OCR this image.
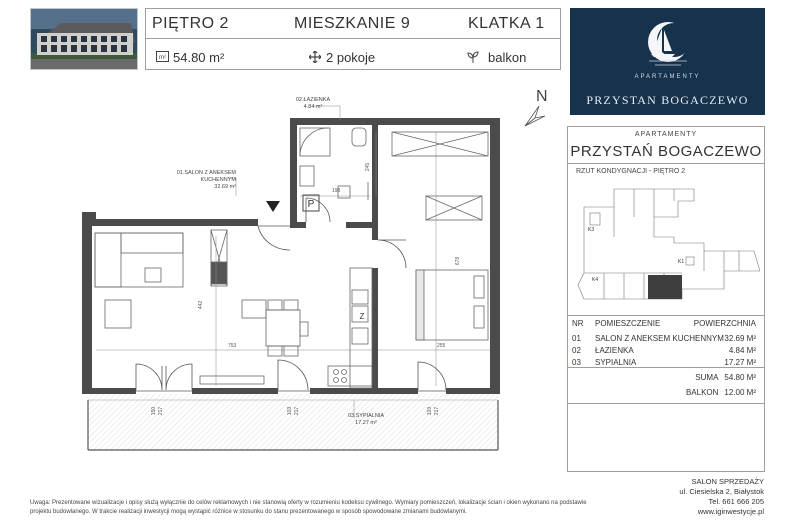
PIĘTRO 2	MIESZKANIE 9	KLATKA 1
m² 54.80 m²	2 pokoje	balkon
APARTAMENTY
PRZYSTAN BOGACZEWO
N
Z
P
02.ŁAZIENKA
4.84 m²
01.SALON Z ANEKSEM KUCHENNYM
32.69 m²
03.SYPIALNIA
17.27 m²
245
198
442
753
678
255
150 217	103 217	103 217
APARTAMENTY
PRZYSTAŃ BOGACZEWO
RZUT KONDYGNACJI - PIĘTRO 2
K3
K4
K1
NR POMIESZCZENIE	POWIERZCHNIA
01 SALON Z ANEKSEM KUCHENNYM 32.69 M²
02 ŁAZIENKA	4.84 M²
03 SYPIALNIA	17.27 M²
SUMA 54.80 M²
BALKON 12.00 M²
SALON SPRZEDAŻY
ul. Ciesielska 2, Białystok
Tel. 661 666 205
www.iginwestycje.pl
Uwaga: Prezentowane wizualizacje i opisy służą wyłącznie do celów reklamowych i nie stanowią oferty w rozumieniu kodeksu cywilnego. Wymiary pomieszczeń, lokalizacje ścian i okien wykonano na podstawie projektu budowlanego. W trakcie realizacji inwestycji mogą wystąpić różnice w stosunku do stanu prezentowanego w sposób spowodowane zmianami budowlanymi.
